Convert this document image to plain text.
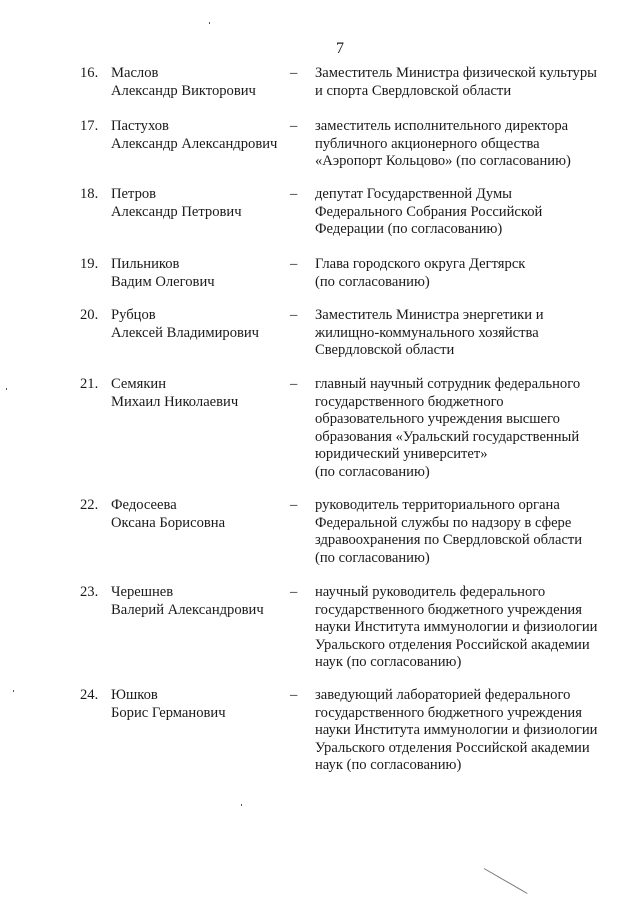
7
16. Маслов
Александр Викторович
–	Заместитель Министра физической культуры
и спорта Свердловской области
17. Пастухов
Александр Александрович
–	заместитель исполнительного директора
публичного акционерного общества
«Аэропорт Кольцово» (по согласованию)
18. Петров
Александр Петрович
–	депутат Государственной Думы
Федерального Собрания Российской
Федерации (по согласованию)
19. Пильников
Вадим Олегович
–	Глава городского округа Дегтярск
(по согласованию)
20. Рубцов
Алексей Владимирович
–	Заместитель Министра энергетики и
жилищно-коммунального хозяйства
Свердловской области
21. Семякин
Михаил Николаевич
–	главный научный сотрудник федерального
государственного бюджетного
образовательного учреждения высшего
образования «Уральский государственный
юридический университет»
(по согласованию)
22. Федосеева
Оксана Борисовна
–	руководитель территориального органа
Федеральной службы по надзору в сфере
здравоохранения по Свердловской области
(по согласованию)
23. Черешнев
Валерий Александрович
–	научный руководитель федерального
государственного бюджетного учреждения
науки Института иммунологии и физиологии
Уральского отделения Российской академии
наук (по согласованию)
24. Юшков
Борис Германович
–	заведующий лабораторией федерального
государственного бюджетного учреждения
науки Института иммунологии и физиологии
Уральского отделения Российской академии
наук (по согласованию)
